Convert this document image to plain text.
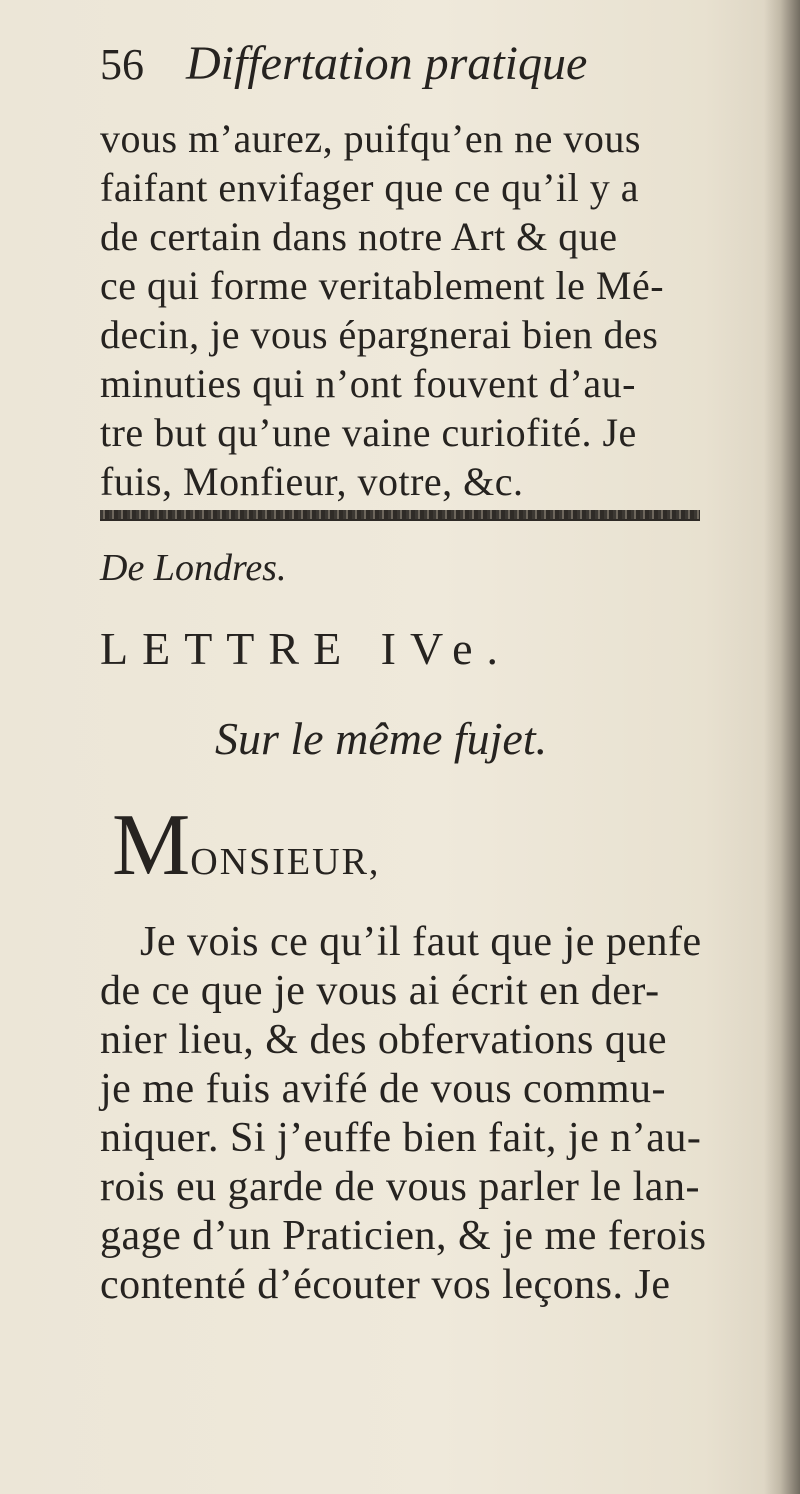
56 Differtation pratique
vous m’aurez, puifqu’en ne vous
faifant envifager que ce qu’il y a
de certain dans notre Art & que
ce qui forme veritablement le Mé-
decin, je vous épargnerai bien des
minuties qui n’ont fouvent d’au-
tre but qu’une vaine curiofité. Je
fuis, Monfieur, votre, &c.
De Londres.
LETTRE IVe.
Sur le même fujet.
MONSIEUR,
Je vois ce qu’il faut que je penfe
de ce que je vous ai écrit en der-
nier lieu, & des obfervations que
je me fuis avifé de vous commu-
niquer. Si j’euffe bien fait, je n’au-
rois eu garde de vous parler le lan-
gage d’un Praticien, & je me ferois
contenté d’écouter vos leçons. Je
